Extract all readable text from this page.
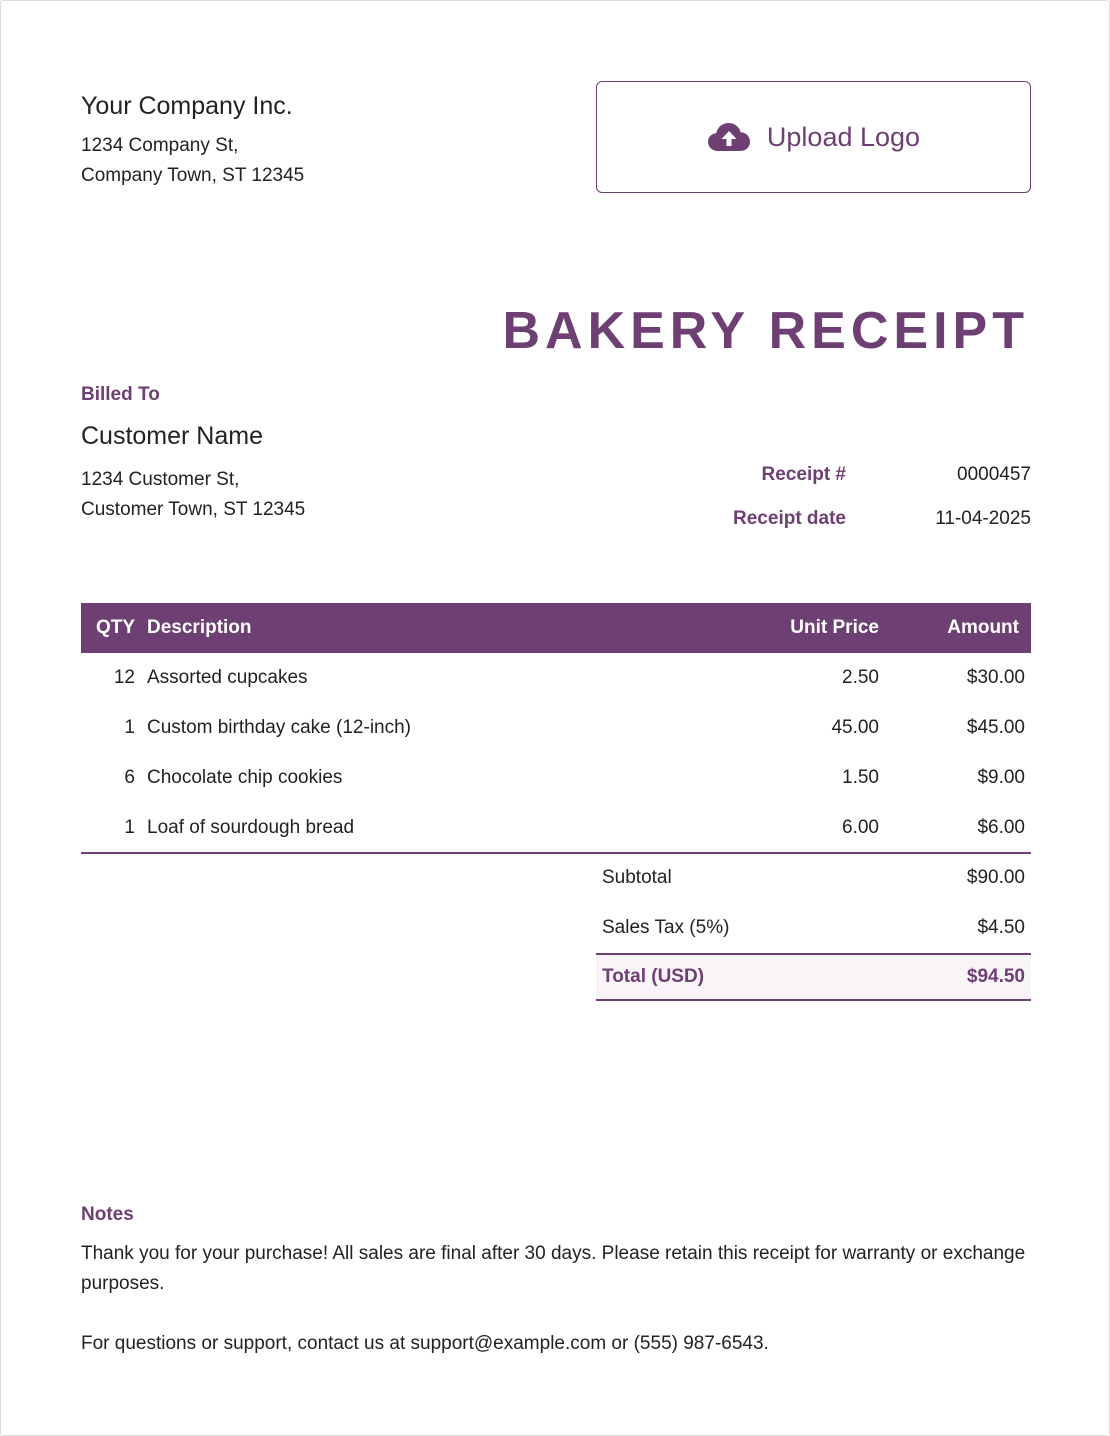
Your Company Inc.
1234 Company St,
Company Town, ST 12345
Upload Logo
BAKERY RECEIPT
Billed To
Customer Name
1234 Customer St,
Customer Town, ST 12345
Receipt #	0000457
Receipt date	11-04-2025
QTY	Description	Unit Price	Amount
12	Assorted cupcakes	2.50	$30.00
1	Custom birthday cake (12-inch)	45.00	$45.00
6	Chocolate chip cookies	1.50	$9.00
1	Loaf of sourdough bread	6.00	$6.00
Subtotal	$90.00
Sales Tax (5%)	$4.50
Total (USD)	$94.50
Notes
Thank you for your purchase! All sales are final after 30 days. Please retain this receipt for warranty or exchange purposes.
For questions or support, contact us at support@example.com or (555) 987-6543.
